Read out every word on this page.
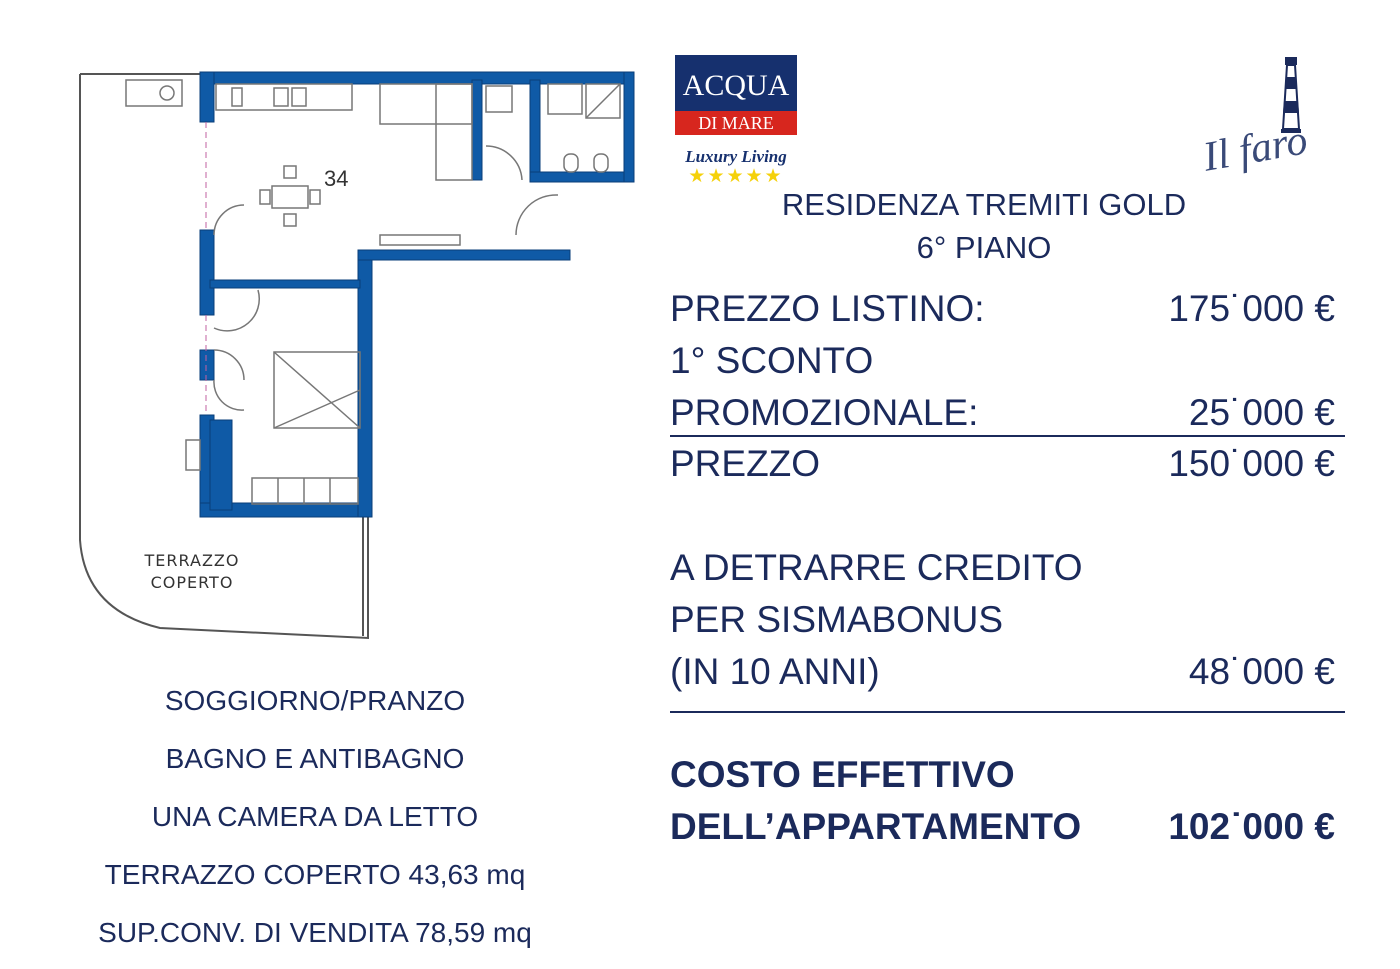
34
TERRAZZO
COPERTO
ACQUA
DI MARE
Luxury Living
★★★★★	Il faro
RESIDENZA TREMITI GOLD
6° PIANO
PREZZO LISTINO:	175˙000 €
1° SCONTO
PROMOZIONALE:	25˙000 €
PREZZO	150˙000 €
A DETRARRE CREDITO
PER SISMABONUS
(IN 10 ANNI)	48˙000 €
COSTO EFFETTIVO
DELL’APPARTAMENTO 102˙000 €
SOGGIORNO/PRANZO
BAGNO E ANTIBAGNO
UNA CAMERA DA LETTO
TERRAZZO COPERTO 43,63 mq
SUP.CONV. DI VENDITA 78,59 mq
